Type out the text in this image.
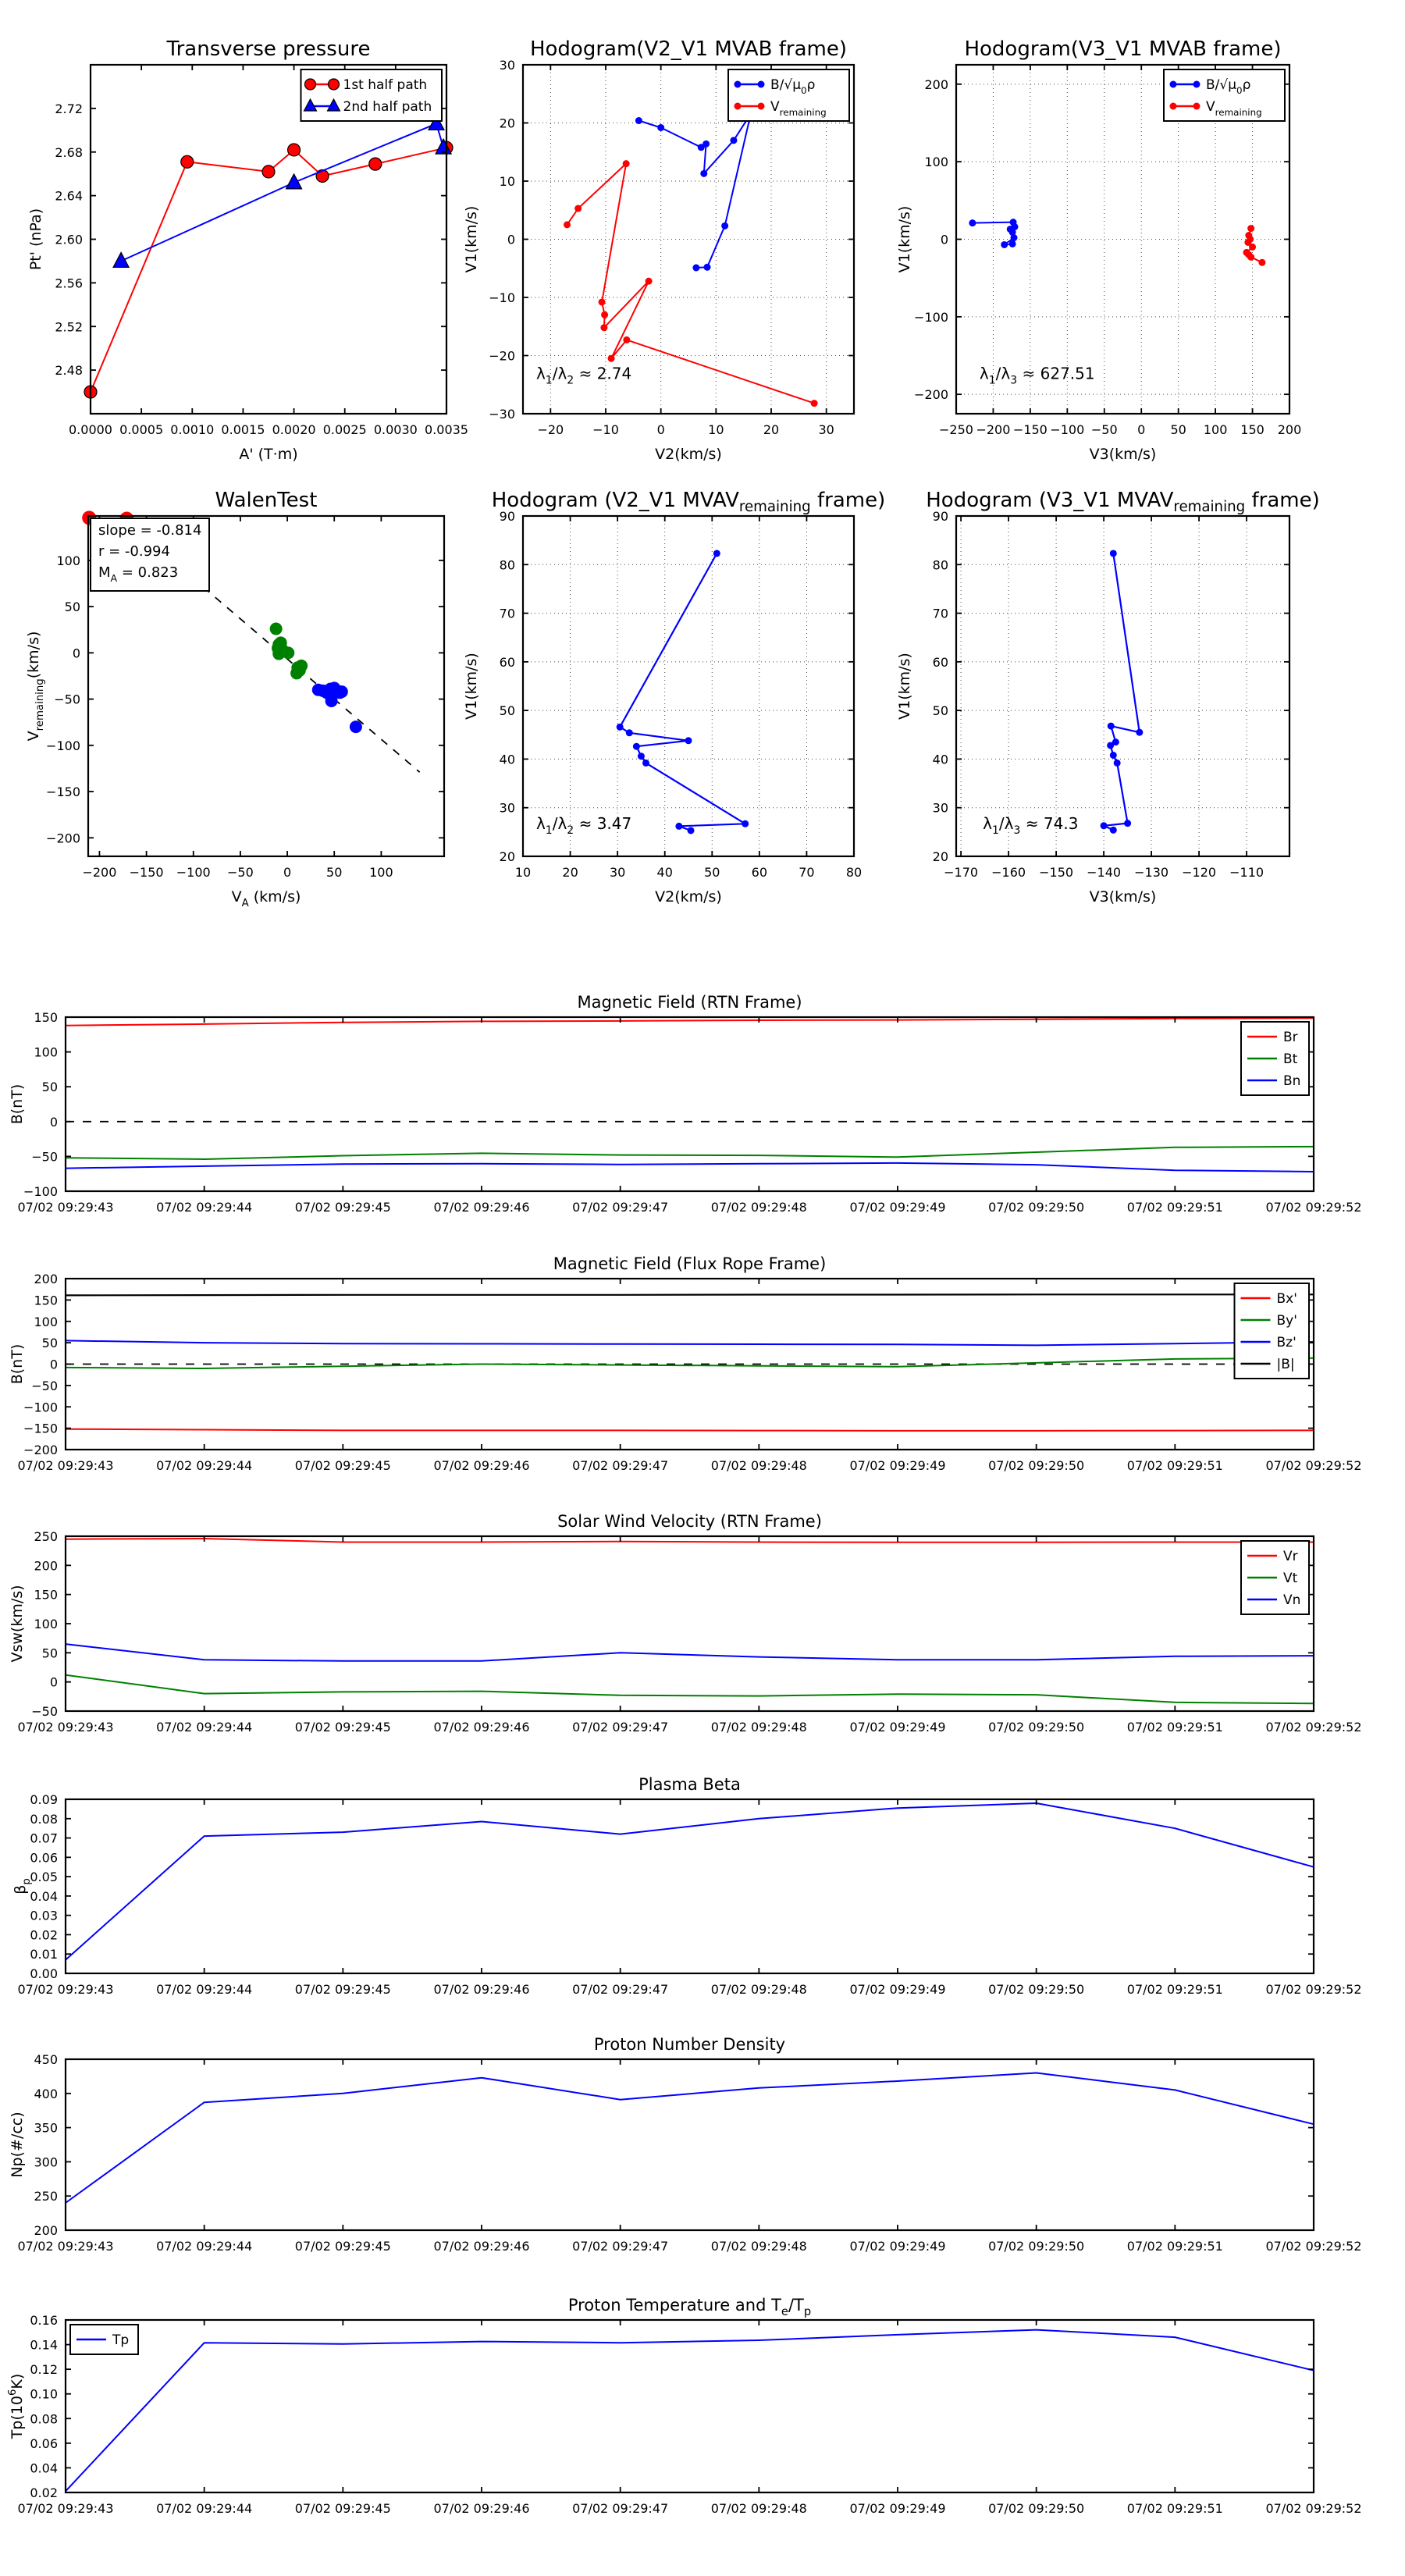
0.0000 0.0005 0.0010 0.0015 0.0020 0.0025 0.0030 0.0035
2.48
2.52
2.56
2.60
2.64
2.68
2.72
Transverse pressure
A' (T·m)
Pt' (nPa)
1st half path
2nd half path
−20 −10	0	10	20	30
−30
−20
−10
0
10
20
30
Hodogram(V2_V1 MVAB frame)
V2(km/s)
V1(km/s)
$B/√\mu_0\rho$
$V_{remaining}$
$\lambda_1/\lambda_2 \approx 2.74$
−250 −200 −150 −100 −50 0 50 100 150 200
−200
−100
0
100
200
Hodogram(V3_V1 MVAB frame)
V3(km/s)
V1(km/s)
$B/√\mu_0\rho$
$V_{remaining}$
$\lambda_1/\lambda_3 \approx 627.51$
−200 −150 −100 −50 0	50 100
−200
−150
−100
−50
0
50
100
WalenTest
$V_A$ (km/s)
$V_{remaining}(km/s)$
slope = -0.814
r = -0.994
$M_A = 0.823$
10	20	30	40	50	60	70	80
20
30
40
50
60
70
80
90
Hodogram (V2_V1 $MVAV_{remaining}$ frame)
V2(km/s)
V1(km/s)
$\lambda_1/\lambda_2 \approx 3.47$
−170 −160 −150 −140 −130 −120 −110
20
30
40
50
60
70
80
90
Hodogram (V3_V1 $MVAV_{remaining}$ frame)
V3(km/s)
V1(km/s)
$\lambda_1/\lambda_3 \approx 74.3$
07/02 09:29:43	07/02 09:29:44	07/02 09:29:45	07/02 09:29:46	07/02 09:29:47	07/02 09:29:48	07/02 09:29:49	07/02 09:29:50	07/02 09:29:51	07/02 09:29:52
−100
−50
0
50
100
150
Magnetic Field (RTN Frame)
B(nT)
Br
Bt
Bn
07/02 09:29:43	07/02 09:29:44	07/02 09:29:45	07/02 09:29:46	07/02 09:29:47	07/02 09:29:48	07/02 09:29:49	07/02 09:29:50	07/02 09:29:51	07/02 09:29:52
−200
−150
−100
−50
0
50
100
150
200
Magnetic Field (Flux Rope Frame)
B(nT)
Bx'
By'
Bz'
|B|
07/02 09:29:43	07/02 09:29:44	07/02 09:29:45	07/02 09:29:46	07/02 09:29:47	07/02 09:29:48	07/02 09:29:49	07/02 09:29:50	07/02 09:29:51	07/02 09:29:52
−50
0
50
100
150
200
250
Solar Wind Velocity (RTN Frame)
Vsw(km/s)
Vr
Vt
Vn
07/02 09:29:43	07/02 09:29:44	07/02 09:29:45	07/02 09:29:46	07/02 09:29:47	07/02 09:29:48	07/02 09:29:49	07/02 09:29:50	07/02 09:29:51	07/02 09:29:52
0.00
0.01
0.02
0.03
0.04
0.05
0.06
0.07
0.08
0.09
Plasma Beta
$\beta_p$
07/02 09:29:43	07/02 09:29:44	07/02 09:29:45	07/02 09:29:46	07/02 09:29:47	07/02 09:29:48	07/02 09:29:49	07/02 09:29:50	07/02 09:29:51	07/02 09:29:52
200
250
300
350
400
450
Proton Number Density
Np(#/cc)
07/02 09:29:43	07/02 09:29:44	07/02 09:29:45	07/02 09:29:46	07/02 09:29:47	07/02 09:29:48	07/02 09:29:49	07/02 09:29:50	07/02 09:29:51	07/02 09:29:52
0.02
0.04
0.06
0.08
0.10
0.12
0.14
0.16
Proton Temperature and $T_e/T_p$
$Tp(10^6K)$
Tp
